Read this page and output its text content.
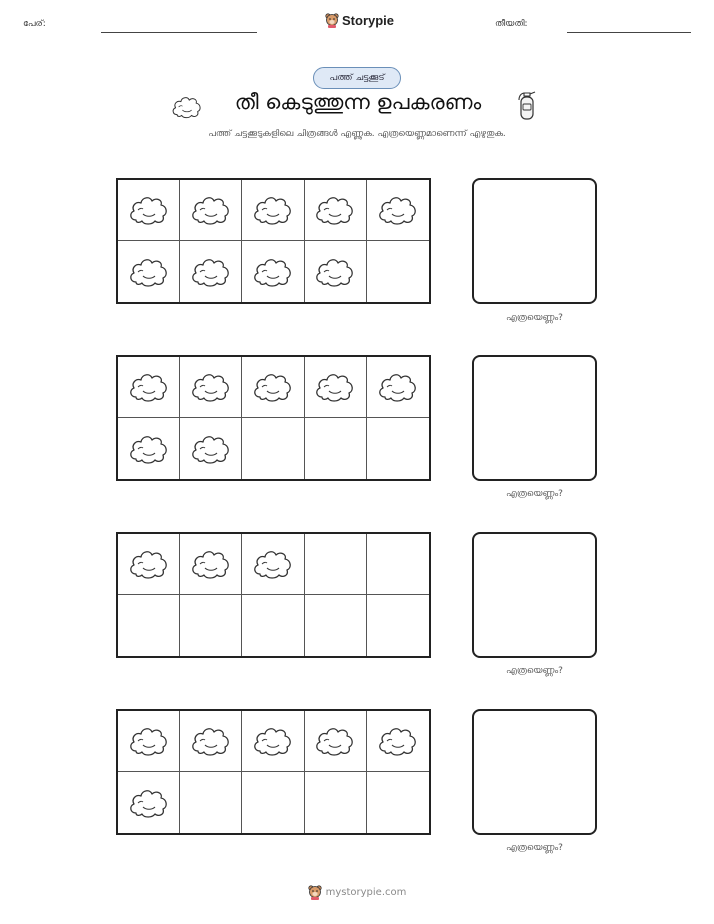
പേര്:	Storypie	തീയതി:
പത്ത് ചട്ടക്കൂട്
തീ കെടുത്തുന്ന ഉപകരണം
പത്ത് ചട്ടക്കൂടുകളിലെ ചിത്രങ്ങൾ എണ്ണുക. എത്രയെണ്ണമാണെന്ന് എഴുതുക.
എത്രയെണ്ണം?
എത്രയെണ്ണം?
എത്രയെണ്ണം?
എത്രയെണ്ണം?
mystorypie.com
